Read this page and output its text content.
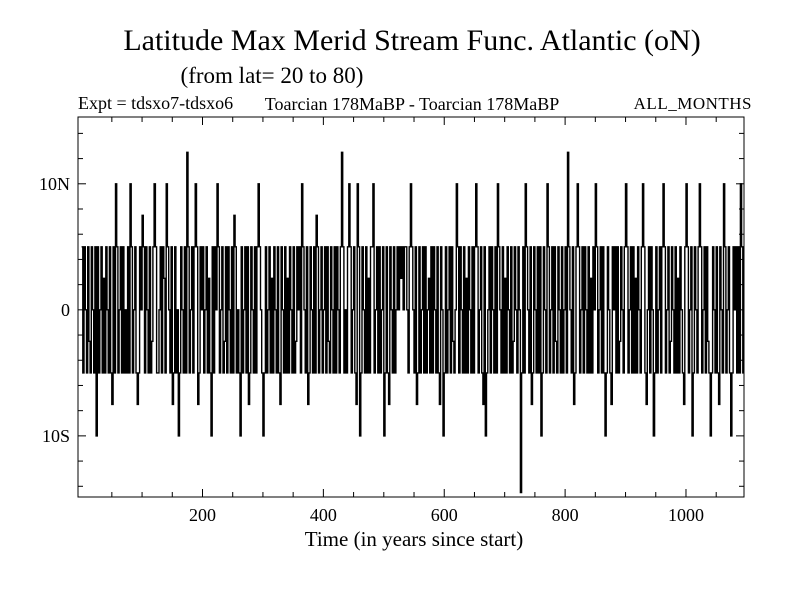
Latitude Max Merid Stream Func. Atlantic (oN)
(from lat= 20 to 80)
Expt = tdsxo7-tdsxo6 Toarcian 178MaBP - Toarcian 178MaBP	ALL_MONTHS
Time (in years since start)
200	400	600	800	1000
10S
0
10N
